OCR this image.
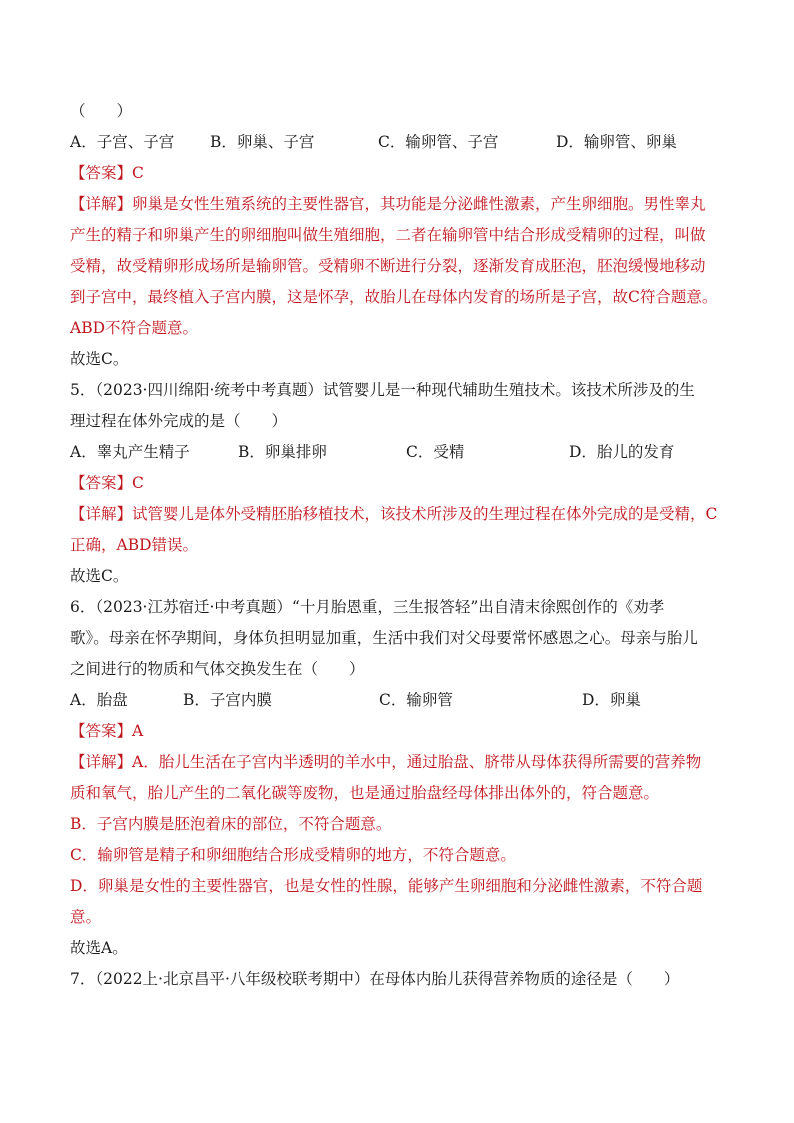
（　　）
A．子宫、子宫	B．卵巢、子宫	C．输卵管、子宫	D．输卵管、卵巢
【答案】C
【详解】卵巢是女性生殖系统的主要性器官，其功能是分泌雌性激素，产生卵细胞。男性睾丸
产生的精子和卵巢产生的卵细胞叫做生殖细胞，二者在输卵管中结合形成受精卵的过程，叫做
受精，故受精卵形成场所是输卵管。受精卵不断进行分裂，逐渐发育成胚泡，胚泡缓慢地移动
到子宫中，最终植入子宫内膜，这是怀孕，故胎儿在母体内发育的场所是子宫，故C符合题意。
ABD不符合题意。
故选C。
5．（2023·四川绵阳·统考中考真题）试管婴儿是一种现代辅助生殖技术。该技术所涉及的生
理过程在体外完成的是（　　）
A．睾丸产生精子	B．卵巢排卵	C．受精	D．胎儿的发育
【答案】C
【详解】试管婴儿是体外受精胚胎移植技术，该技术所涉及的生理过程在体外完成的是受精，C
正确，ABD错误。
故选C。
6．（2023·江苏宿迁·中考真题）“十月胎恩重，三生报答轻”出自清末徐熙创作的《劝孝
歌》。母亲在怀孕期间，身体负担明显加重，生活中我们对父母要常怀感恩之心。母亲与胎儿
之间进行的物质和气体交换发生在（　　）
A．胎盘	B．子宫内膜	C．输卵管	D．卵巢
【答案】A
【详解】A．胎儿生活在子宫内半透明的羊水中，通过胎盘、脐带从母体获得所需要的营养物
质和氧气，胎儿产生的二氧化碳等废物，也是通过胎盘经母体排出体外的，符合题意。
B．子宫内膜是胚泡着床的部位，不符合题意。
C．输卵管是精子和卵细胞结合形成受精卵的地方，不符合题意。
D．卵巢是女性的主要性器官，也是女性的性腺，能够产生卵细胞和分泌雌性激素，不符合题
意。
故选A。
7．（2022上·北京昌平·八年级校联考期中）在母体内胎儿获得营养物质的途径是（　　）
